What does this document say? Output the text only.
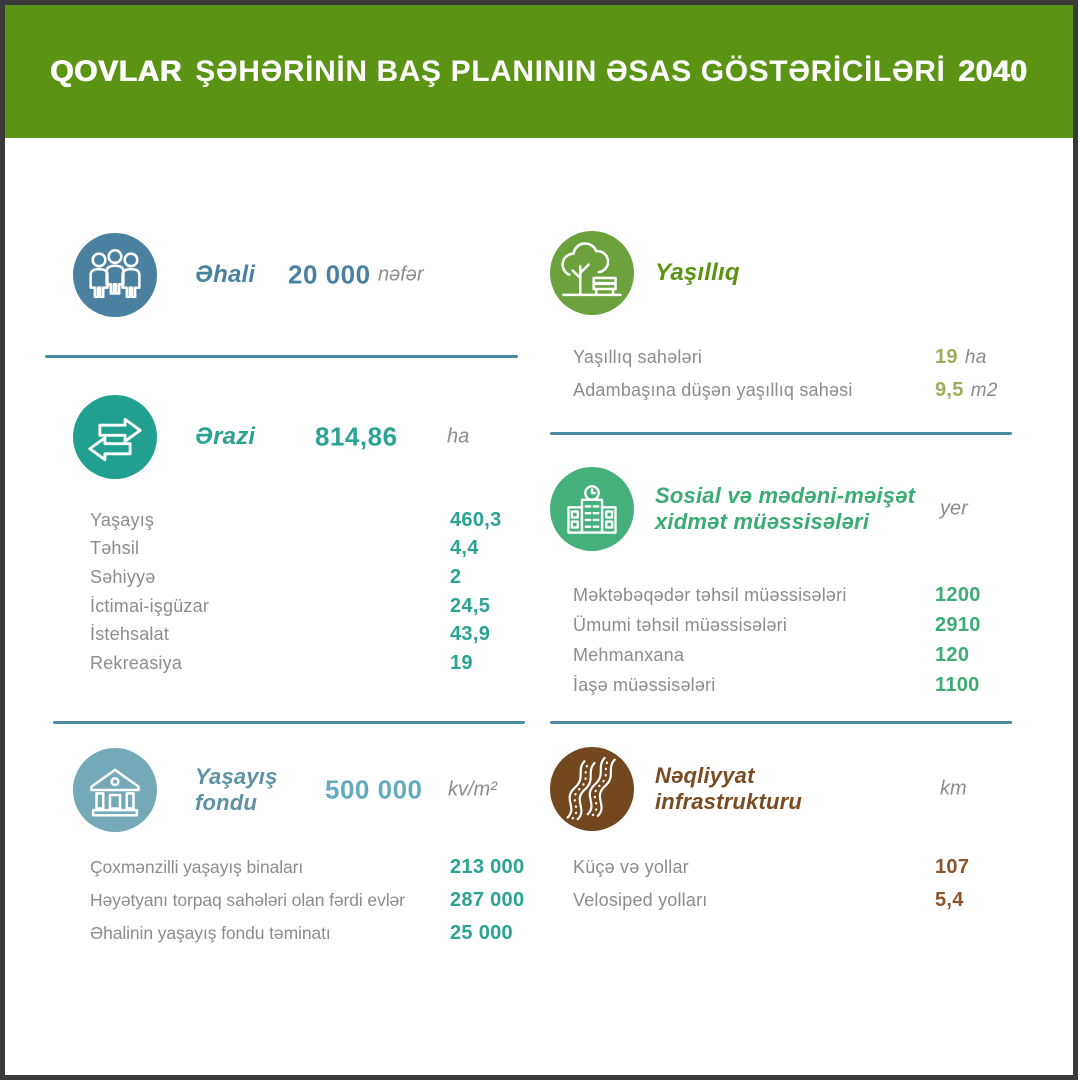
QOVLAR ŞƏHƏRİNİN BAŞ PLANININ ƏSAS GÖSTƏRİCİLƏRİ 2040
Əhali 20 000 nəfər
Ərazi 814,86 ha
Yaşayış	460,3
Təhsil	4,4
Səhiyyə	2
İctimai-işgüzar	24,5
İstehsalat	43,9
Rekreasiya	19
Yaşayış fondu	500 000 kv/m²
Çoxmənzilli yaşayış binaları	213 000
Həyətyanı torpaq sahələri olan fərdi evlər 287 000
Əhalinin yaşayış fondu təminatı	25 000
Yaşıllıq
Yaşıllıq sahələri	19 ha
Adambaşına düşən yaşıllıq sahəsi	9,5 m2
Sosial və mədəni-məişət xidmət müəssisələri
yer
Məktəbəqədər təhsil müəssisələri	1200
Ümumi təhsil müəssisələri	2910
Mehmanxana	120
İaşə müəssisələri	1100
Nəqliyyat infrastrukturu
km
Küçə və yollar	107
Velosiped yolları	5,4
